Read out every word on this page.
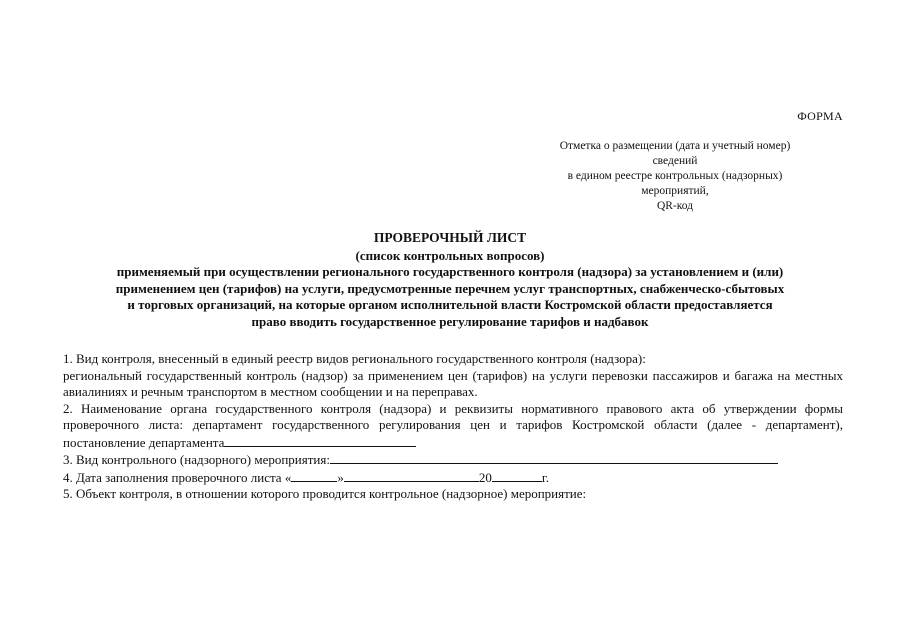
ФОРМА
Отметка о размещении (дата и учетный номер)
сведений
в едином реестре контрольных (надзорных)
мероприятий,
QR-код
ПРОВЕРОЧНЫЙ ЛИСТ
(список контрольных вопросов)
применяемый при осуществлении регионального государственного контроля (надзора) за установлением и (или)
применением цен (тарифов) на услуги, предусмотренные перечнем услуг транспортных, снабженческо-сбытовых
и торговых организаций, на которые органом исполнительной власти Костромской области предоставляется
право вводить государственное регулирование тарифов и надбавок

1. Вид контроля, внесенный в единый реестр видов регионального государственного контроля (надзора):

региональный государственный контроль (надзор) за применением цен (тарифов) на услуги перевозки пассажиров и багажа на местных авиалиниях и речным транспортом в местном сообщении и на переправах.

2. Наименование органа государственного контроля (надзора) и реквизиты нормативного правового акта об утверждении формы проверочного листа: департамент государственного регулирования цен и тарифов Костромской области (далее - департамент), постановление департамента

3. Вид контрольного (надзорного) мероприятия:

4. Дата заполнения проверочного листа «	»	20	г.

5. Объект контроля, в отношении которого проводится контрольное (надзорное) мероприятие:
